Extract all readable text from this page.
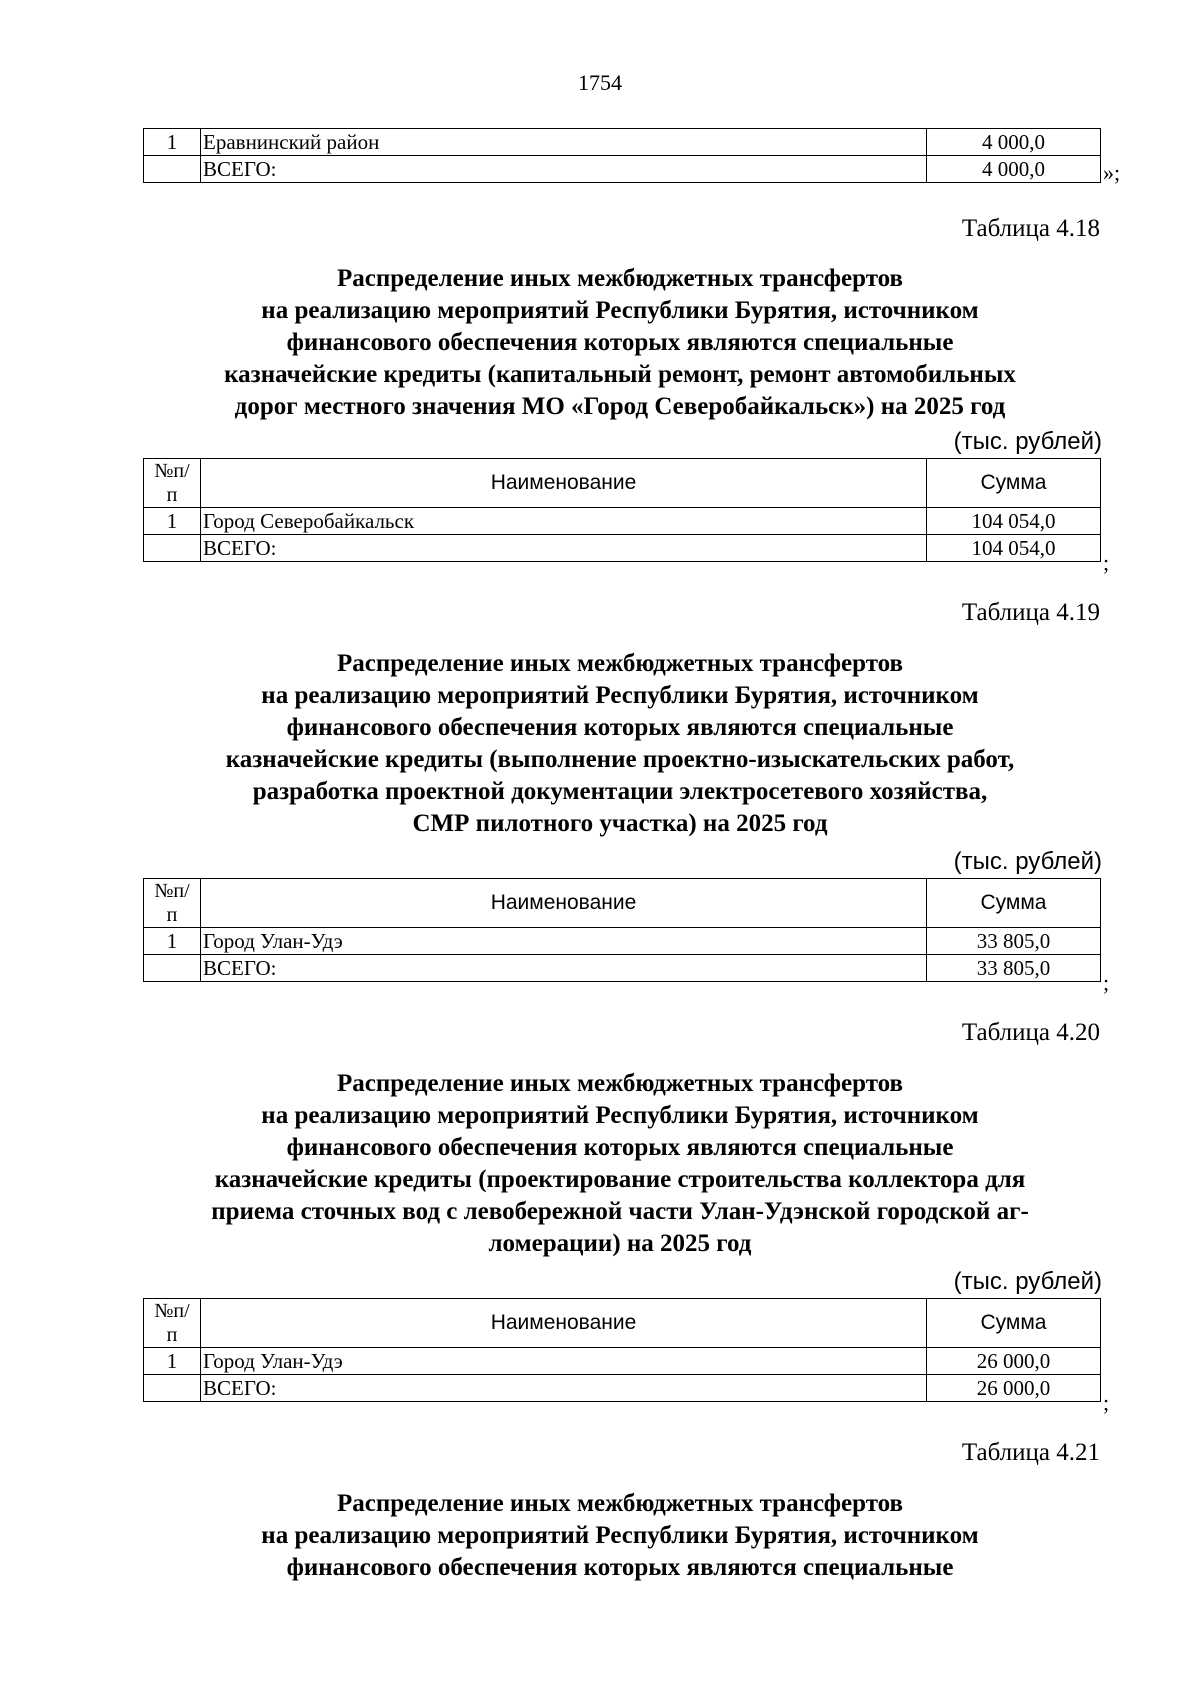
1754
1	Еравнинский район	4 000,0
	ВСЕГО:	4 000,0	»;
Таблица 4.18
Распределение иных межбюджетных трансфертов
на реализацию мероприятий Республики Бурятия, источником
финансового обеспечения которых являются специальные
казначейские кредиты (капитальный ремонт, ремонт автомобильных
дорог местного значения МО «Город Северобайкальск») на 2025 год
(тыс. рублей)
№п/
п	Наименование	Сумма
1	Город Северобайкальск	104 054,0
	ВСЕГО:	104 054,0
;
Таблица 4.19
Распределение иных межбюджетных трансфертов
на реализацию мероприятий Республики Бурятия, источником
финансового обеспечения которых являются специальные
казначейские кредиты (выполнение проектно-изыскательских работ,
разработка проектной документации электросетевого хозяйства,
СМР пилотного участка) на 2025 год
(тыс. рублей)
№п/
п	Наименование	Сумма
1	Город Улан-Удэ	33 805,0
	ВСЕГО:	33 805,0
;
Таблица 4.20
Распределение иных межбюджетных трансфертов
на реализацию мероприятий Республики Бурятия, источником
финансового обеспечения которых являются специальные
казначейские кредиты (проектирование строительства коллектора для
приема сточных вод с левобережной части Улан-Удэнской городской аг-
ломерации) на 2025 год
(тыс. рублей)
№п/
п	Наименование	Сумма
1	Город Улан-Удэ	26 000,0
	ВСЕГО:	26 000,0
;
Таблица 4.21
Распределение иных межбюджетных трансфертов
на реализацию мероприятий Республики Бурятия, источником
финансового обеспечения которых являются специальные
